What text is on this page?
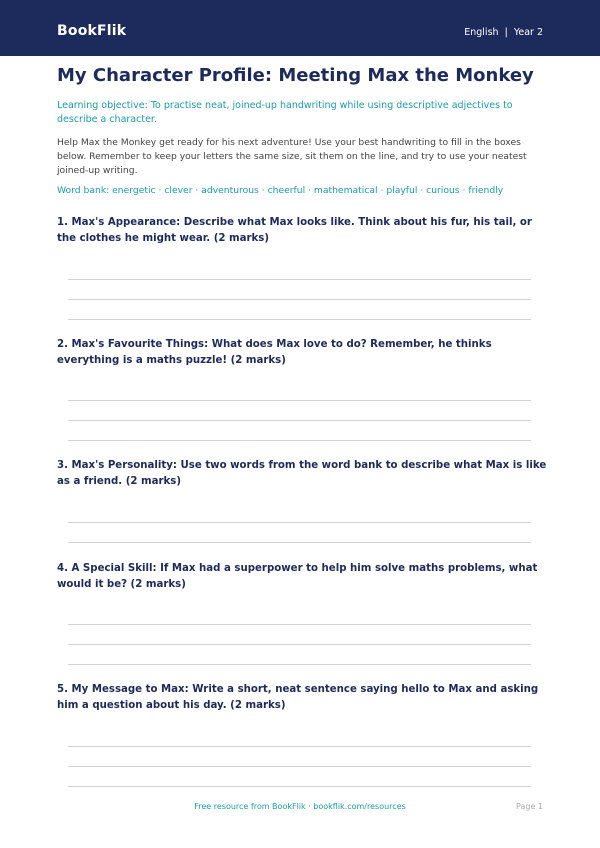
BookFlik	English  |  Year 2
My Character Profile: Meeting Max the Monkey
Learning objective: To practise neat, joined-up handwriting while using descriptive adjectives to describe a character.
Help Max the Monkey get ready for his next adventure! Use your best handwriting to fill in the boxes below. Remember to keep your letters the same size, sit them on the line, and try to use your neatest joined-up writing.
Word bank: energetic · clever · adventurous · cheerful · mathematical · playful · curious · friendly
1. Max's Appearance: Describe what Max looks like. Think about his fur, his tail, or the clothes he might wear. (2 marks)
2. Max's Favourite Things: What does Max love to do? Remember, he thinks everything is a maths puzzle! (2 marks)
3. Max's Personality: Use two words from the word bank to describe what Max is like as a friend. (2 marks)
4. A Special Skill: If Max had a superpower to help him solve maths problems, what would it be? (2 marks)
5. My Message to Max: Write a short, neat sentence saying hello to Max and asking him a question about his day. (2 marks)
Free resource from BookFlik · bookflik.com/resources	Page 1
